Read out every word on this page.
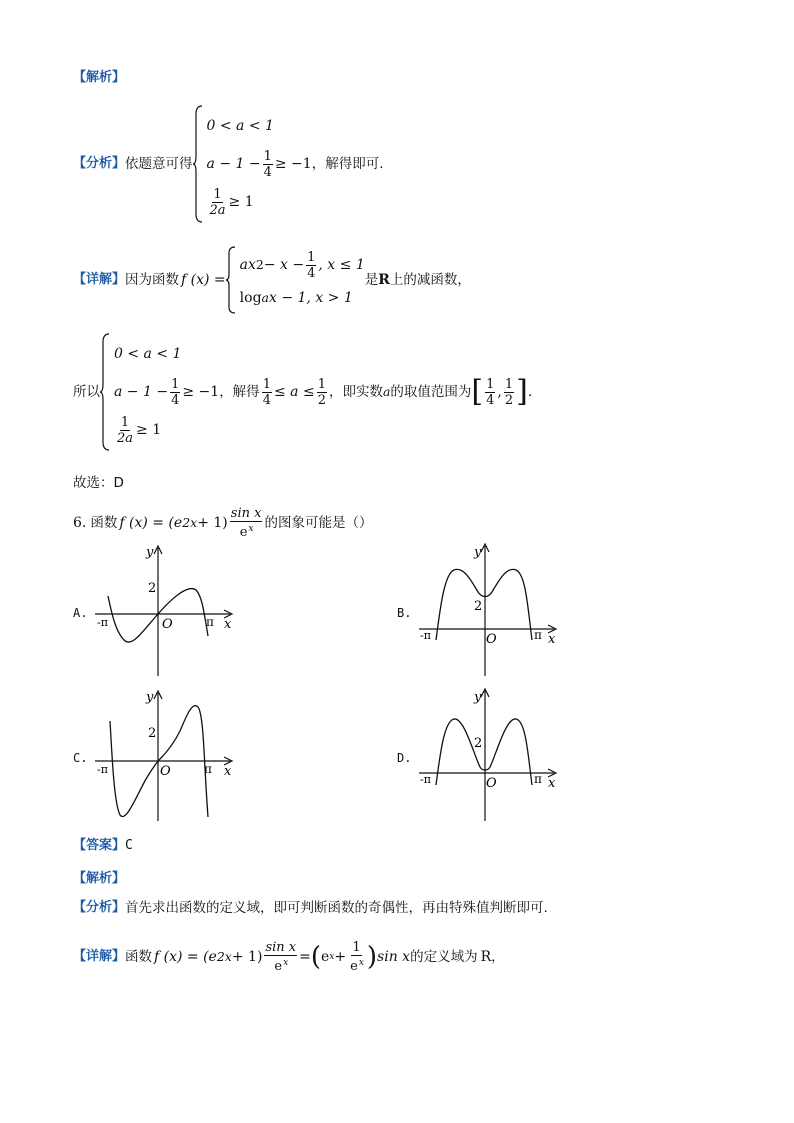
【解析】
【分析】 依题意可得
0 < a < 1
$a - 1 - \frac{1}{4} \ge -1$
$\frac{1}{2a} \ge 1$
，解得即可.
【详解】 因为函数 f (x) =
ax $2 - x - \frac{1}{4}$ , x ≤ 1
log a x − 1, x > 1
是 R 上的减函数，
所以
0 < a < 1
$a - 1 - \frac{1}{4} \ge -1$
$\frac{1}{2a} \ge 1$
，解得 $\frac{1}{4} \le a \le \frac{1}{2}$ ，即实数 a 的取值范围为 [ $\frac{1}{4}$ , $\frac{1}{2}$ ] .
故选：D
6. 函数 f (x) = (e $2x + 1) \frac{\text{sin x}}{e^x}$ 的图象可能是（）
A.
y
x
O
2
-π	π
B.
y
x
O
2
-π	π
C.
y
x
O
2
-π	π
D.
y
x
O
2
-π	π
【答案】 C
【解析】
【分析】 首先求出函数的定义域，即可判断函数的奇偶性，再由特殊值判断即可.
【详解】 函数 f (x) = (e $2x + 1) \frac{\text{sin x}}{e^x}$ = ( e $x + \frac{1}{e^x}$ ) sin x 的定义域为 R ，
